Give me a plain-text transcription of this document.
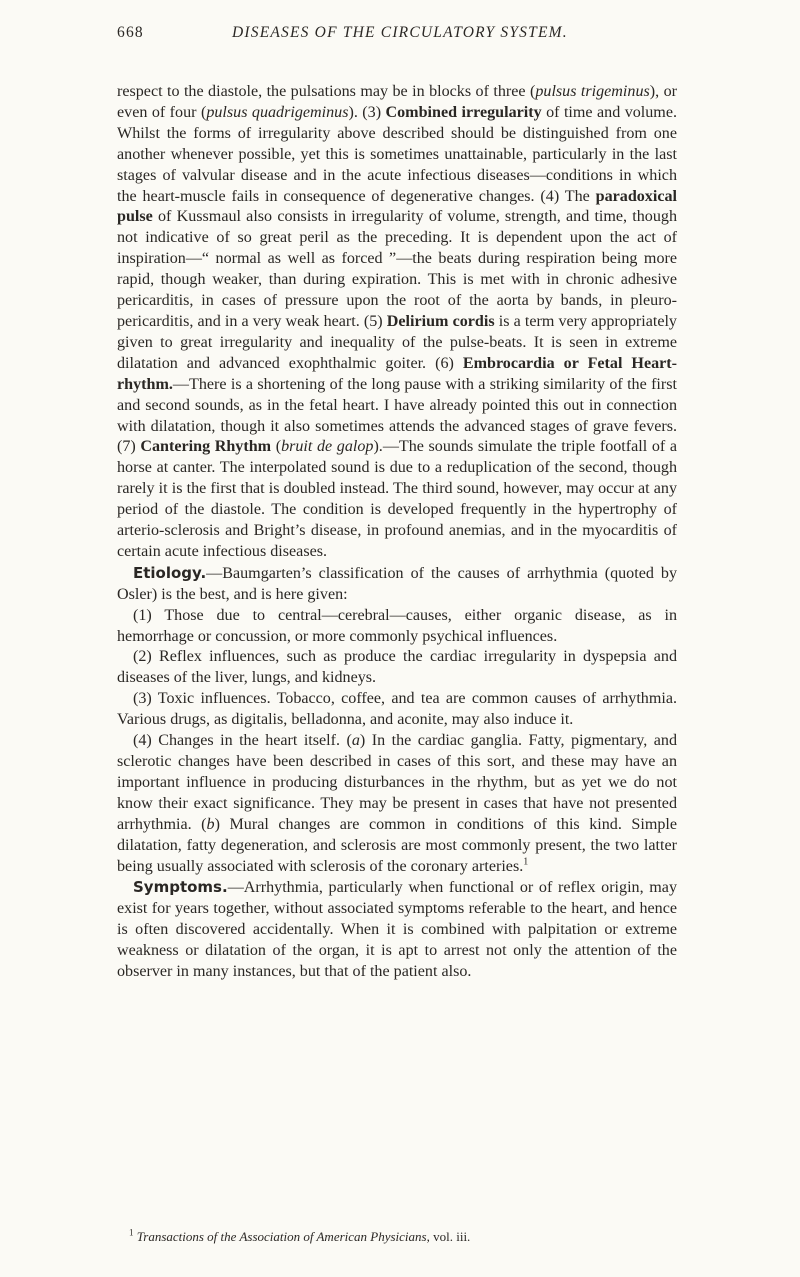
668	DISEASES OF THE CIRCULATORY SYSTEM.

respect to the diastole, the pulsations may be in blocks of three (pulsus trigeminus), or even of four (pulsus quadrigeminus). (3) Combined irregularity of time and volume. Whilst the forms of irregularity above described should be distinguished from one another whenever possible, yet this is sometimes unattainable, particularly in the last stages of valvular disease and in the acute infectious diseases—conditions in which the heart-muscle fails in consequence of degenerative changes. (4) The paradoxical pulse of Kussmaul also consists in irregularity of volume, strength, and time, though not indicative of so great peril as the preceding. It is dependent upon the act of inspiration—“ normal as well as forced ”—the beats during respiration being more rapid, though weaker, than during expiration. This is met with in chronic adhesive pericarditis, in cases of pressure upon the root of the aorta by bands, in pleuro-pericarditis, and in a very weak heart. (5) Delirium cordis is a term very appropriately given to great irregularity and inequality of the pulse-beats. It is seen in extreme dilatation and advanced exophthalmic goiter. (6) Embrocardia or Fetal Heart-rhythm.—There is a shortening of the long pause with a striking similarity of the first and second sounds, as in the fetal heart. I have already pointed this out in connection with dilatation, though it also sometimes attends the advanced stages of grave fevers. (7) Cantering Rhythm (bruit de galop).—The sounds simulate the triple footfall of a horse at canter. The interpolated sound is due to a reduplication of the second, though rarely it is the first that is doubled instead. The third sound, however, may occur at any period of the diastole. The condition is developed frequently in the hypertrophy of arterio-sclerosis and Bright’s disease, in profound anemias, and in the myocarditis of certain acute infectious diseases.

Etiology.—Baumgarten’s classification of the causes of arrhythmia (quoted by Osler) is the best, and is here given:

(1) Those due to central—cerebral—causes, either organic disease, as in hemorrhage or concussion, or more commonly psychical influences.

(2) Reflex influences, such as produce the cardiac irregularity in dyspepsia and diseases of the liver, lungs, and kidneys.

(3) Toxic influences. Tobacco, coffee, and tea are common causes of arrhythmia. Various drugs, as digitalis, belladonna, and aconite, may also induce it.

(4) Changes in the heart itself. (a) In the cardiac ganglia. Fatty, pigmentary, and sclerotic changes have been described in cases of this sort, and these may have an important influence in producing disturbances in the rhythm, but as yet we do not know their exact significance. They may be present in cases that have not presented arrhythmia. (b) Mural changes are common in conditions of this kind. Simple dilatation, fatty degeneration, and sclerosis are most commonly present, the two latter being usually associated with sclerosis of the coronary arteries.$^1$

Symptoms.—Arrhythmia, particularly when functional or of reflex origin, may exist for years together, without associated symptoms referable to the heart, and hence is often discovered accidentally. When it is combined with palpitation or extreme weakness or dilatation of the organ, it is apt to arrest not only the attention of the observer in many instances, but that of the patient also.

$^1$ Transactions of the Association of American Physicians, vol. iii.
